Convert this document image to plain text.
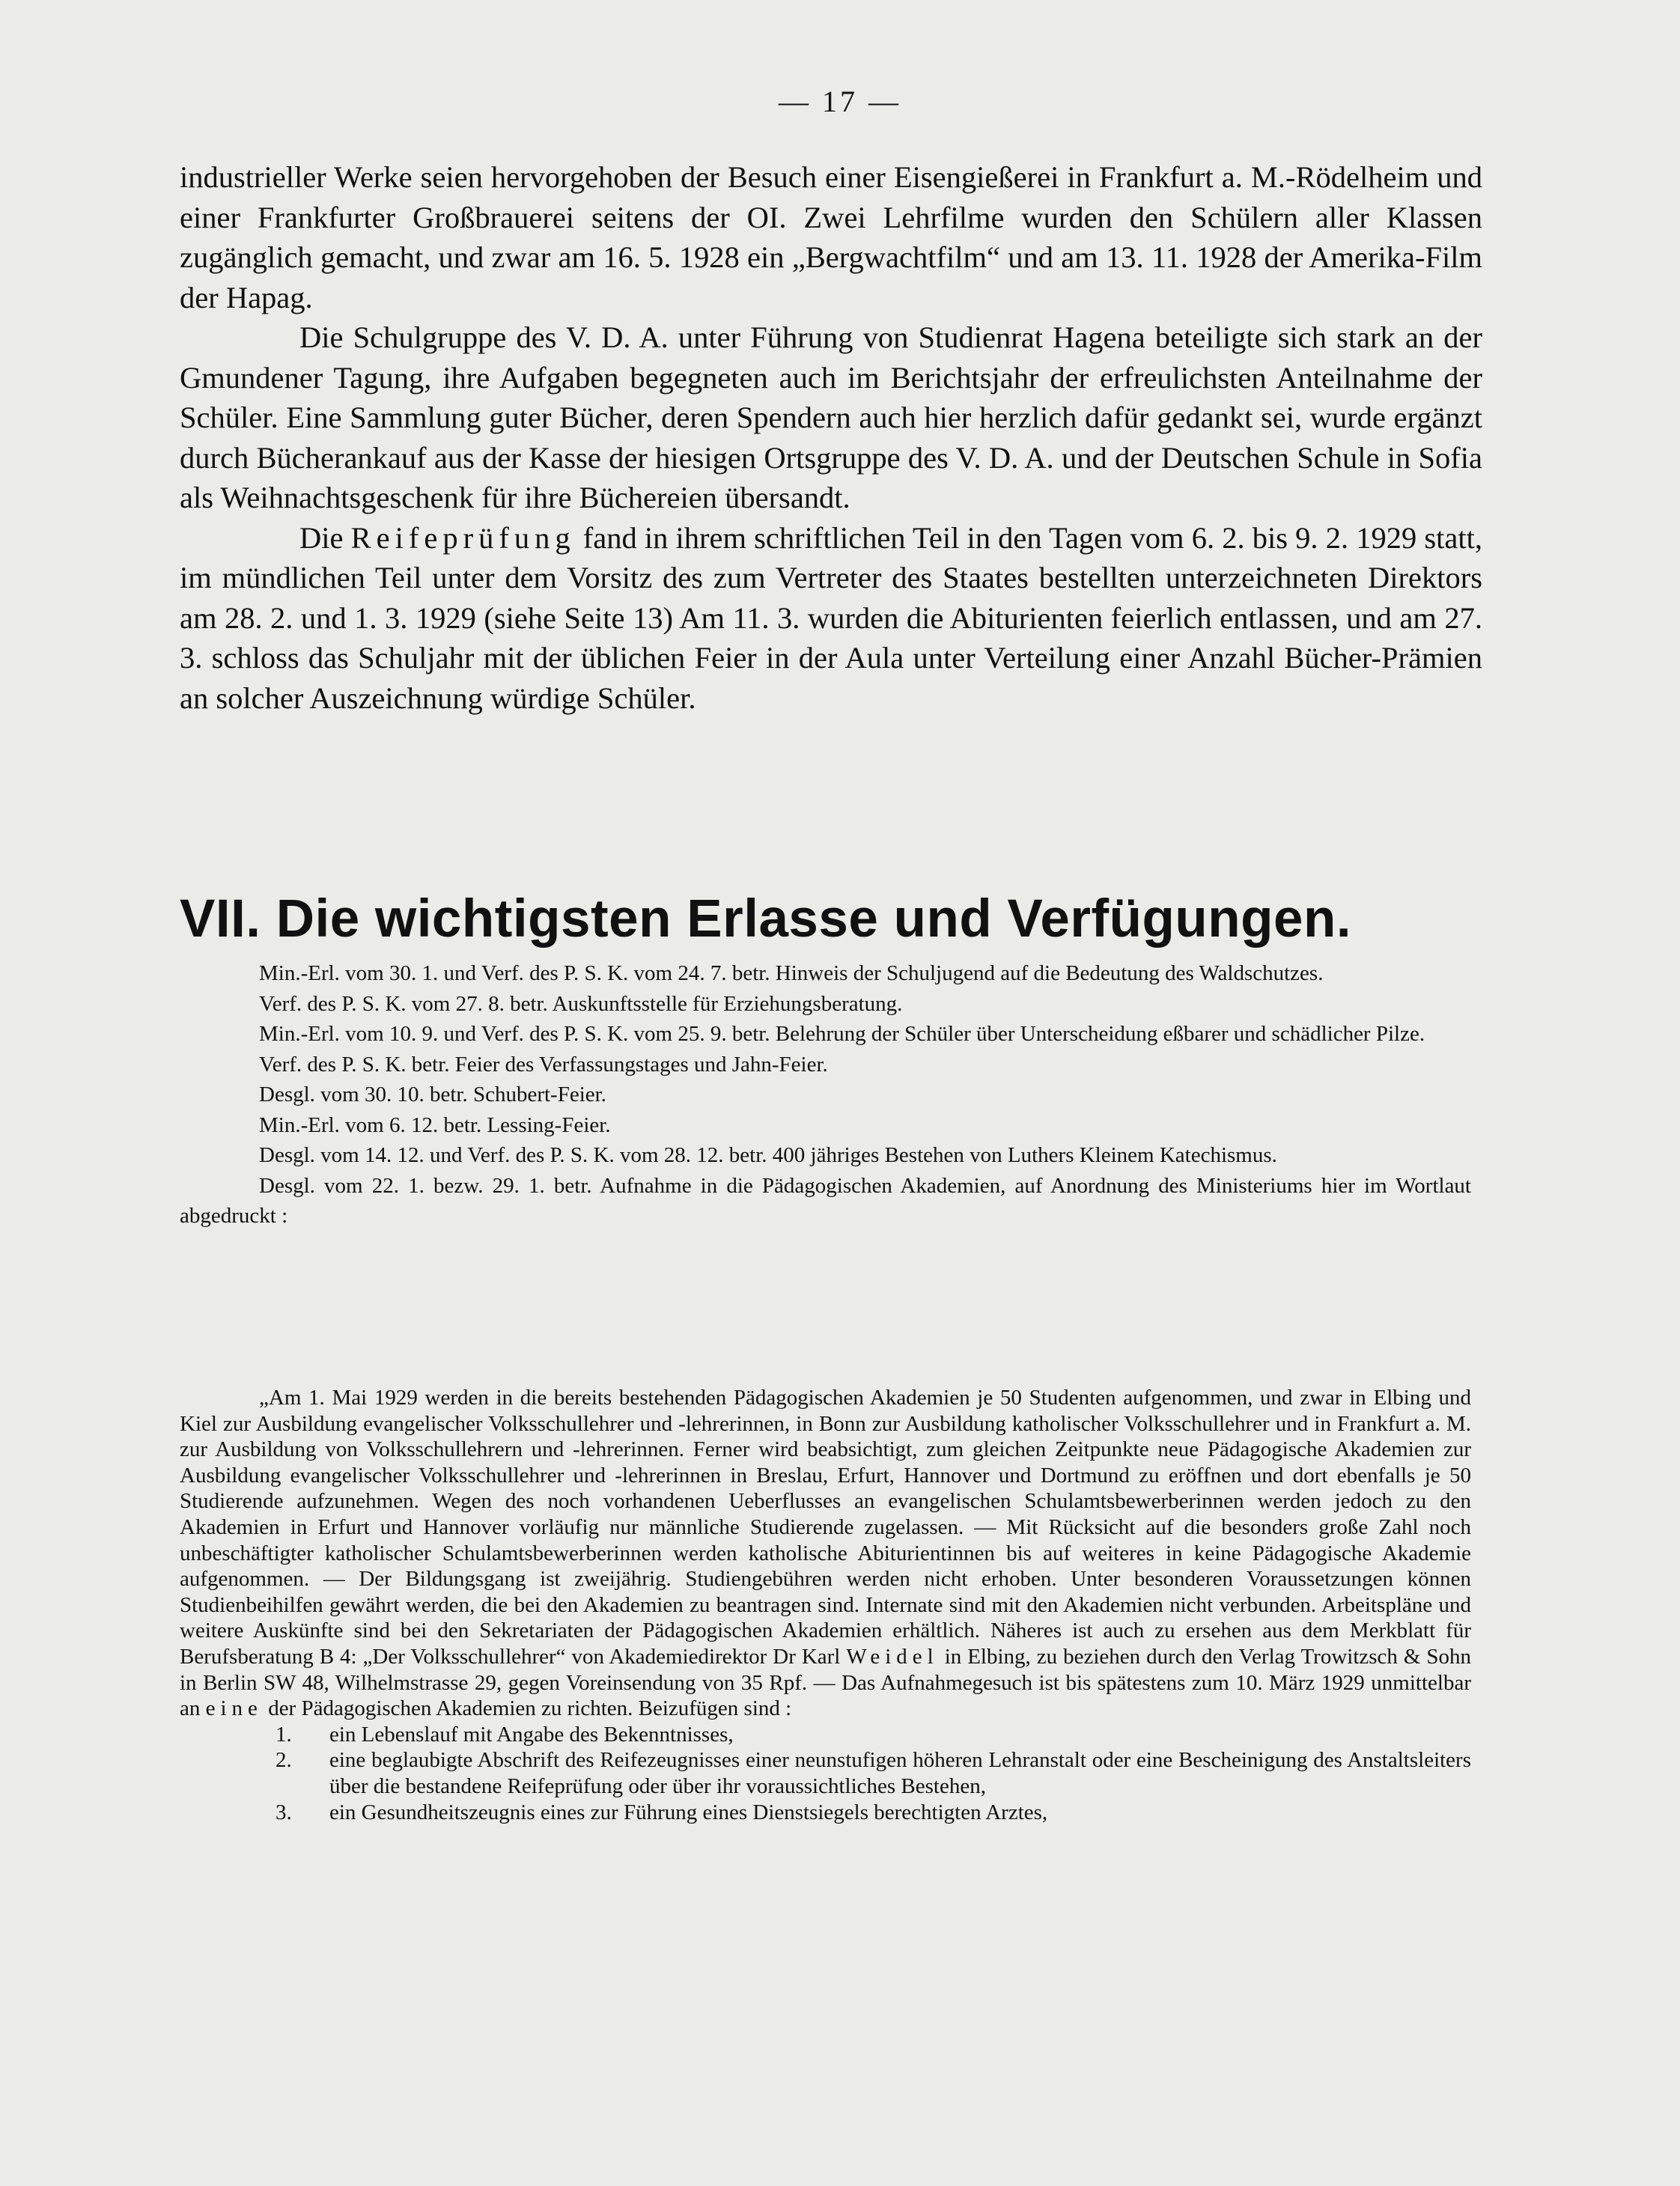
— 17 —

industrieller Werke seien hervorgehoben der Besuch einer Eisengießerei in Frankfurt a. M.-Rödelheim und einer Frankfurter Großbrauerei seitens der OI. Zwei Lehrfilme wurden den Schülern aller Klassen zugänglich gemacht, und zwar am 16. 5. 1928 ein „Bergwachtfilm“ und am 13. 11. 1928 der Amerika-Film der Hapag.

Die Schulgruppe des V. D. A. unter Führung von Studienrat Hagena beteiligte sich stark an der Gmundener Tagung, ihre Aufgaben begegneten auch im Berichtsjahr der erfreulichsten Anteilnahme der Schüler. Eine Sammlung guter Bücher, deren Spendern auch hier herzlich dafür gedankt sei, wurde ergänzt durch Bücherankauf aus der Kasse der hiesigen Ortsgruppe des V. D. A. und der Deutschen Schule in Sofia als Weihnachtsgeschenk für ihre Büchereien übersandt.

Die Reifeprüfung fand in ihrem schriftlichen Teil in den Tagen vom 6. 2. bis 9. 2. 1929 statt, im mündlichen Teil unter dem Vorsitz des zum Vertreter des Staates bestellten unterzeichneten Direktors am 28. 2. und 1. 3. 1929 (siehe Seite 13) Am 11. 3. wurden die Abiturienten feierlich entlassen, und am 27. 3. schloss das Schuljahr mit der üblichen Feier in der Aula unter Verteilung einer Anzahl Bücher-Prämien an solcher Auszeichnung würdige Schüler.

VII. Die wichtigsten Erlasse und Verfügungen.

Min.-Erl. vom 30. 1. und Verf. des P. S. K. vom 24. 7. betr. Hinweis der Schuljugend auf die Bedeutung des Waldschutzes.

Verf. des P. S. K. vom 27. 8. betr. Auskunftsstelle für Erziehungsberatung.

Min.-Erl. vom 10. 9. und Verf. des P. S. K. vom 25. 9. betr. Belehrung der Schüler über Unterscheidung eßbarer und schädlicher Pilze.

Verf. des P. S. K. betr. Feier des Verfassungstages und Jahn-Feier.

Desgl. vom 30. 10. betr. Schubert-Feier.

Min.-Erl. vom 6. 12. betr. Lessing-Feier.

Desgl. vom 14. 12. und Verf. des P. S. K. vom 28. 12. betr. 400 jähriges Bestehen von Luthers Kleinem Katechismus.

Desgl. vom 22. 1. bezw. 29. 1. betr. Aufnahme in die Pädagogischen Akademien, auf Anordnung des Ministeriums hier im Wortlaut abgedruckt :

„Am 1. Mai 1929 werden in die bereits bestehenden Pädagogischen Akademien je 50 Studenten aufgenommen, und zwar in Elbing und Kiel zur Ausbildung evangelischer Volksschullehrer und -lehrerinnen, in Bonn zur Ausbildung katholischer Volksschullehrer und in Frankfurt a. M. zur Ausbildung von Volksschullehrern und -lehrerinnen. Ferner wird beabsichtigt, zum gleichen Zeitpunkte neue Pädagogische Akademien zur Ausbildung evangelischer Volksschullehrer und -lehrerinnen in Breslau, Erfurt, Hannover und Dortmund zu eröffnen und dort ebenfalls je 50 Studierende aufzunehmen. Wegen des noch vorhandenen Ueberflusses an evangelischen Schulamtsbewerberinnen werden jedoch zu den Akademien in Erfurt und Hannover vorläufig nur männliche Studierende zugelassen. — Mit Rücksicht auf die besonders große Zahl noch unbeschäftigter katholischer Schulamtsbewerberinnen werden katholische Abiturientinnen bis auf weiteres in keine Pädagogische Akademie aufgenommen. — Der Bildungsgang ist zweijährig. Studiengebühren werden nicht erhoben. Unter besonderen Voraussetzungen können Studienbeihilfen gewährt werden, die bei den Akademien zu beantragen sind. Internate sind mit den Akademien nicht verbunden. Arbeitspläne und weitere Auskünfte sind bei den Sekretariaten der Pädagogischen Akademien erhältlich. Näheres ist auch zu ersehen aus dem Merkblatt für Berufsberatung B 4: „Der Volksschullehrer“ von Akademiedirektor Dr Karl Weidel in Elbing, zu beziehen durch den Verlag Trowitzsch & Sohn in Berlin SW 48, Wilhelmstrasse 29, gegen Voreinsendung von 35 Rpf. — Das Aufnahmegesuch ist bis spätestens zum 10. März 1929 unmittelbar an eine der Pädagogischen Akademien zu richten. Beizufügen sind :

1.	ein Lebenslauf mit Angabe des Bekenntnisses,
2.	eine beglaubigte Abschrift des Reifezeugnisses einer neunstufigen höheren Lehranstalt oder eine Bescheinigung des Anstaltsleiters über die bestandene Reifeprüfung oder über ihr voraussichtliches Bestehen,
3.	ein Gesundheitszeugnis eines zur Führung eines Dienstsiegels berechtigten Arztes,
